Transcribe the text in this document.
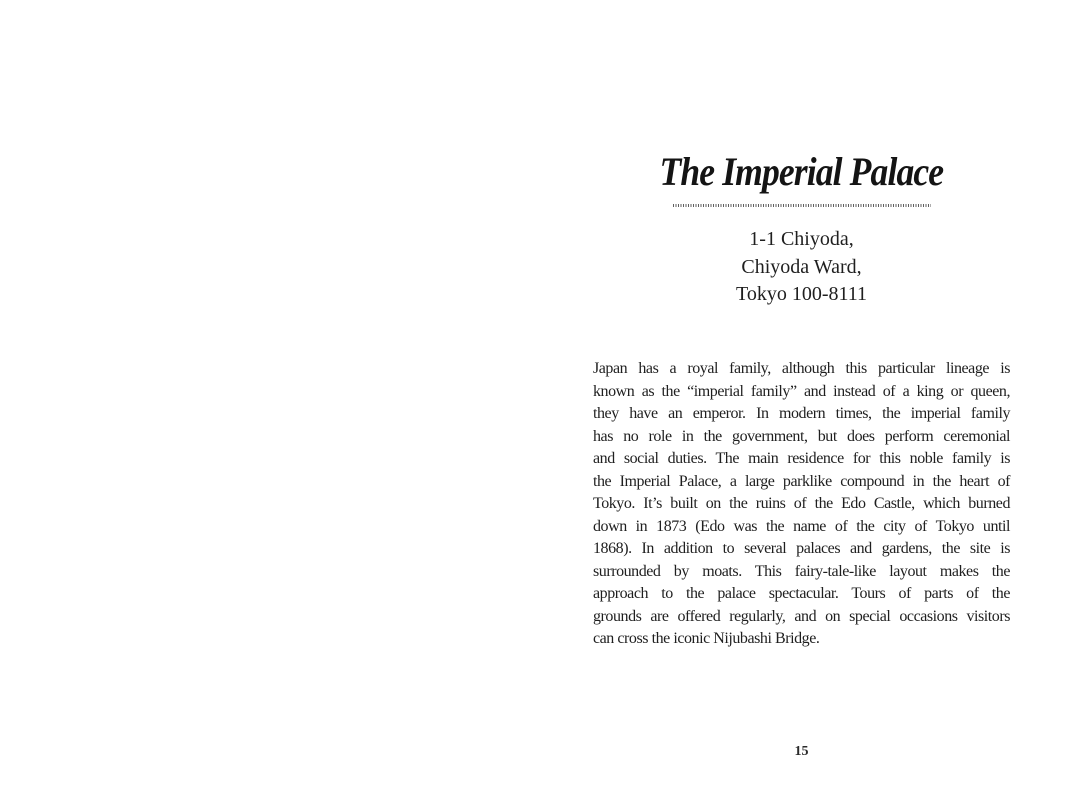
The Imperial Palace
1-1 Chiyoda,
Chiyoda Ward,
Tokyo 100-8111
Japan has a royal family, although this particular lineage is
known as the “imperial family” and instead of a king or queen,
they have an emperor. In modern times, the imperial family
has no role in the government, but does perform ceremonial
and social duties. The main residence for this noble family is
the Imperial Palace, a large parklike compound in the heart of
Tokyo. It’s built on the ruins of the Edo Castle, which burned
down in 1873 (Edo was the name of the city of Tokyo until
1868). In addition to several palaces and gardens, the site is
surrounded by moats. This fairy-tale-like layout makes the
approach to the palace spectacular. Tours of parts of the
grounds are offered regularly, and on special occasions visitors
can cross the iconic Nijubashi Bridge.
15
